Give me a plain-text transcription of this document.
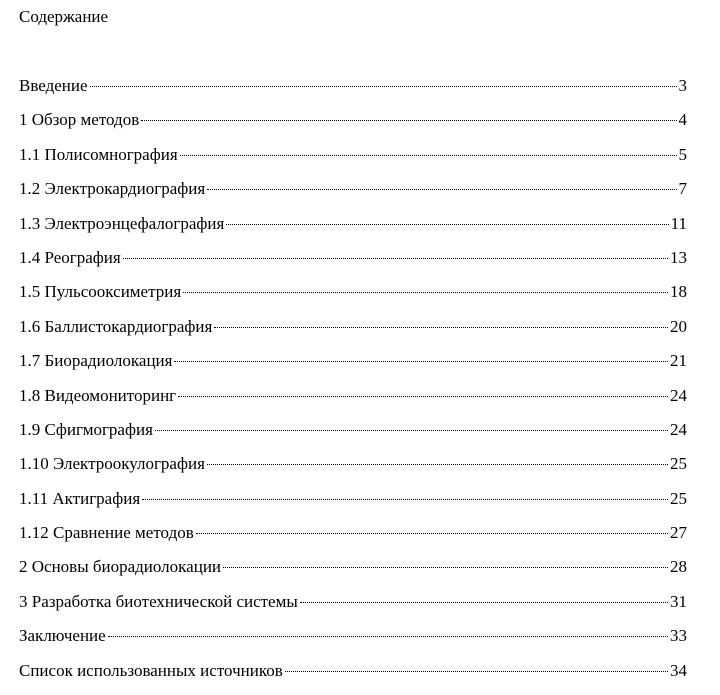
Содержание
Введение	3
1 Обзор методов	4
1.1 Полисомнография	5
1.2 Электрокардиография	7
1.3 Электроэнцефалография	11
1.4 Реография	13
1.5 Пульсооксиметрия	18
1.6 Баллистокардиография	20
1.7 Биорадиолокация	21
1.8 Видеомониторинг	24
1.9 Сфигмография	24
1.10 Электроокулография	25
1.11 Актиграфия	25
1.12 Сравнение методов	27
2 Основы биорадиолокации	28
3 Разработка биотехнической системы	31
Заключение	33
Список использованных источников	34
